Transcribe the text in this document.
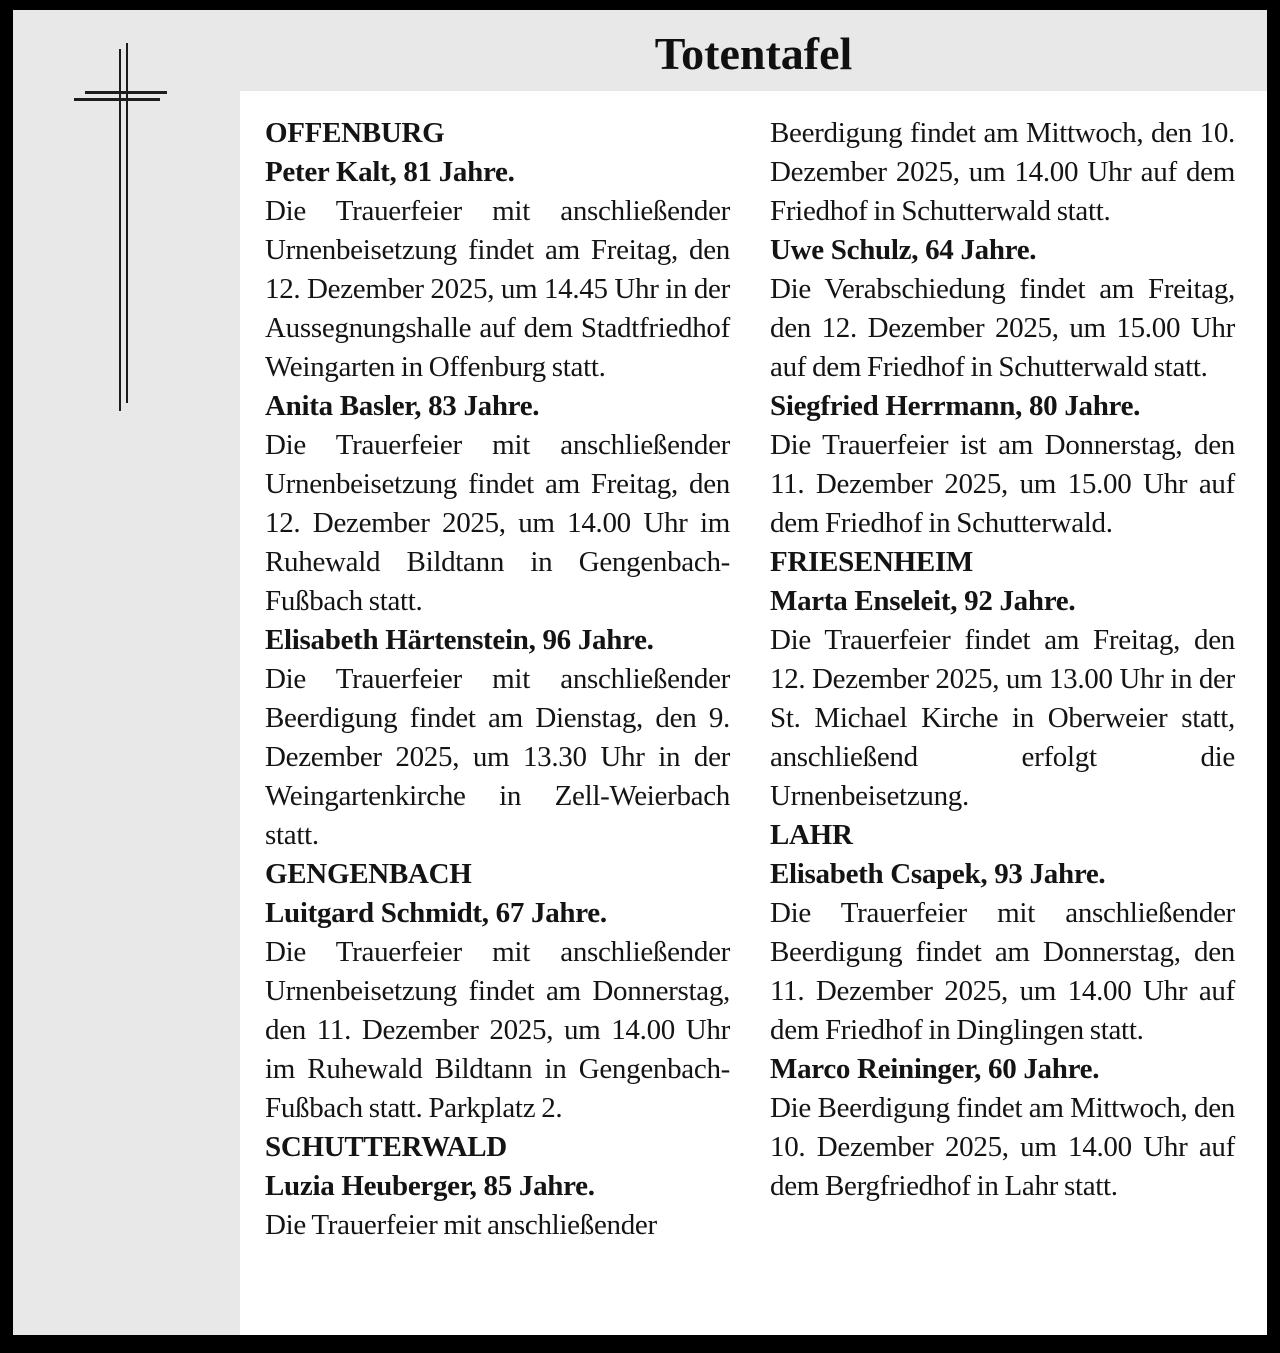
Totentafel

OFFENBURG

Peter Kalt, 81 Jahre.

Die Trauerfeier mit anschließender Urnenbeisetzung findet am Freitag, den 12. Dezember 2025, um 14.45 Uhr in der Aussegnungshalle auf dem Stadtfriedhof Weingarten in Offenburg statt.

Anita Basler, 83 Jahre.

Die Trauerfeier mit anschließender Urnenbeisetzung findet am Freitag, den 12. Dezember 2025, um 14.00 Uhr im Ruhewald Bildtann in Gengenbach-Fußbach statt.

Elisabeth Härtenstein, 96 Jahre.

Die Trauerfeier mit anschließender Beerdigung findet am Dienstag, den 9. Dezember 2025, um 13.30 Uhr in der Weingartenkirche in Zell-Weierbach statt.

GENGENBACH

Luitgard Schmidt, 67 Jahre.

Die Trauerfeier mit anschließender Urnenbeisetzung findet am Donnerstag, den 11. Dezember 2025, um 14.00 Uhr im Ruhewald Bildtann in Gengenbach-Fußbach statt. Parkplatz 2.

SCHUTTERWALD

Luzia Heuberger, 85 Jahre.

Die Trauerfeier mit anschließender

Beerdigung findet am Mittwoch, den 10. Dezember 2025, um 14.00 Uhr auf dem Friedhof in Schutterwald statt.

Uwe Schulz, 64 Jahre.

Die Verabschiedung findet am Freitag, den 12. Dezember 2025, um 15.00 Uhr auf dem Friedhof in Schutterwald statt.

Siegfried Herrmann, 80 Jahre.

Die Trauerfeier ist am Donnerstag, den 11. Dezember 2025, um 15.00 Uhr auf dem Friedhof in Schutterwald.

FRIESENHEIM

Marta Enseleit, 92 Jahre.

Die Trauerfeier findet am Freitag, den 12. Dezember 2025, um 13.00 Uhr in der St. Michael Kirche in Oberweier statt, anschließend erfolgt die Urnenbeisetzung.

LAHR

Elisabeth Csapek, 93 Jahre.

Die Trauerfeier mit anschließender Beerdigung findet am Donnerstag, den 11. Dezember 2025, um 14.00 Uhr auf dem Friedhof in Dinglingen statt.

Marco Reininger, 60 Jahre.

Die Beerdigung findet am Mittwoch, den 10. Dezember 2025, um 14.00 Uhr auf dem Bergfriedhof in Lahr statt.
